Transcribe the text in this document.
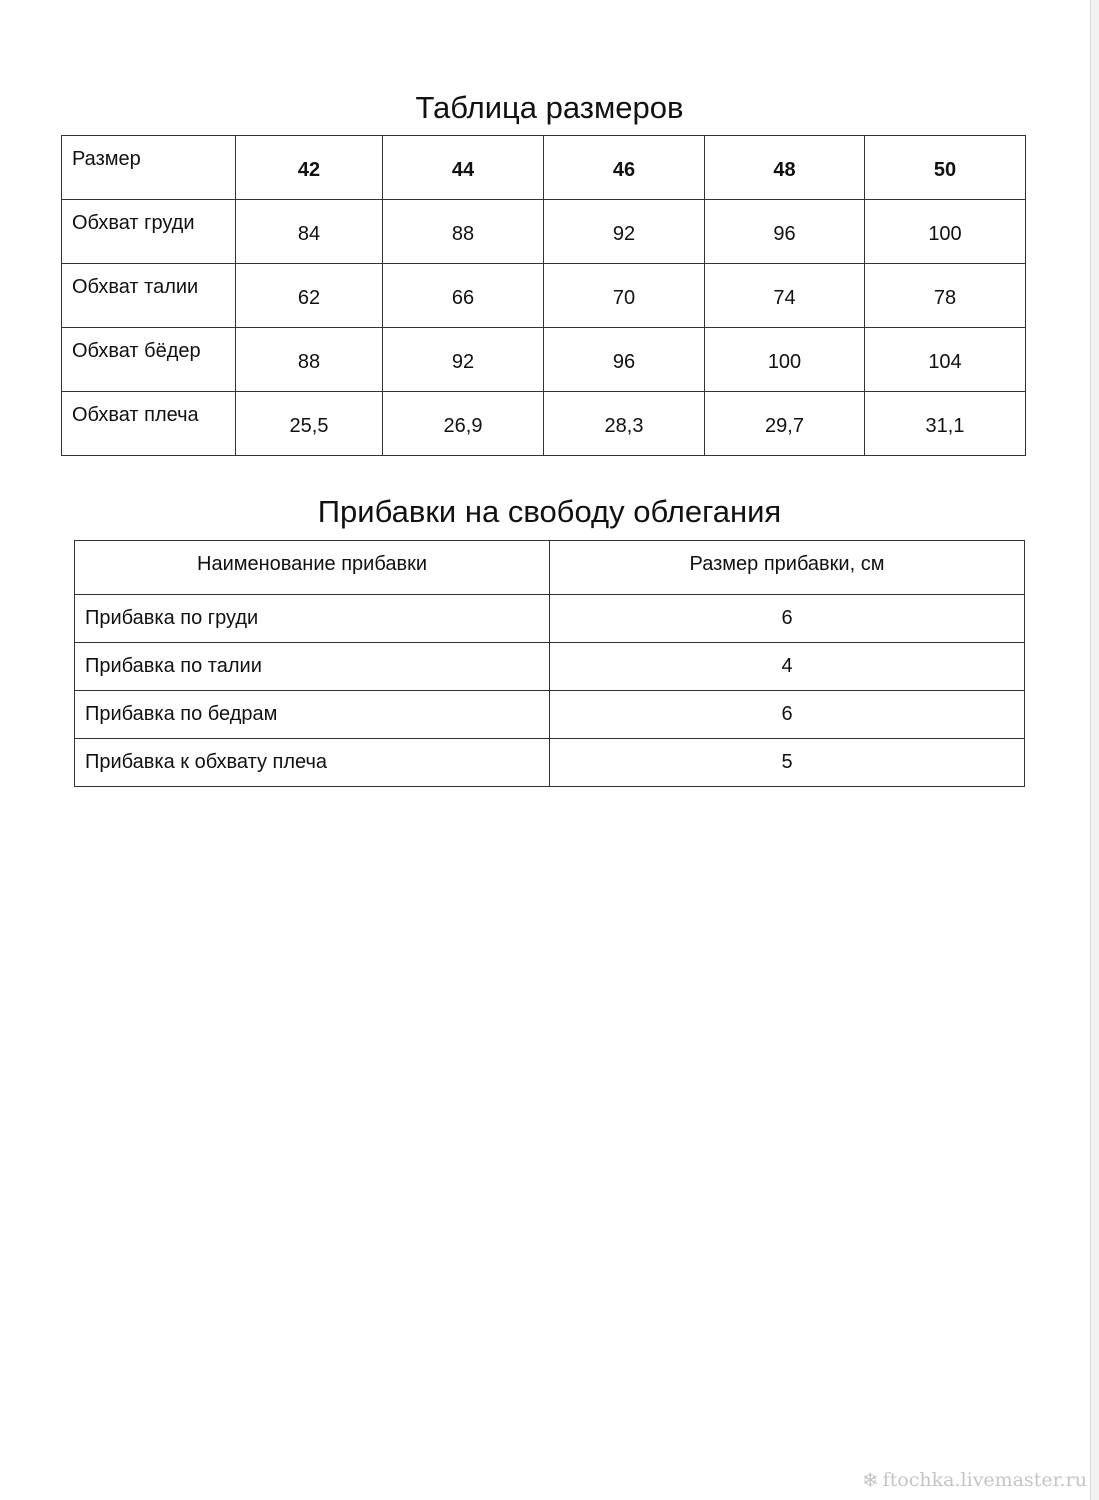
Таблица размеров
Размер	42	44	46	48	50
Обхват груди	84	88	92	96	100
Обхват талии	62	66	70	74	78
Обхват бёдер	88	92	96	100	104
Обхват плеча	25,5	26,9	28,3	29,7	31,1
Прибавки на свободу облегания
Наименование прибавки	Размер прибавки, см
Прибавка по груди	6
Прибавка по талии	4
Прибавка по бедрам	6
Прибавка к обхвату плеча	5
❄ ftochka.livemaster.ru
